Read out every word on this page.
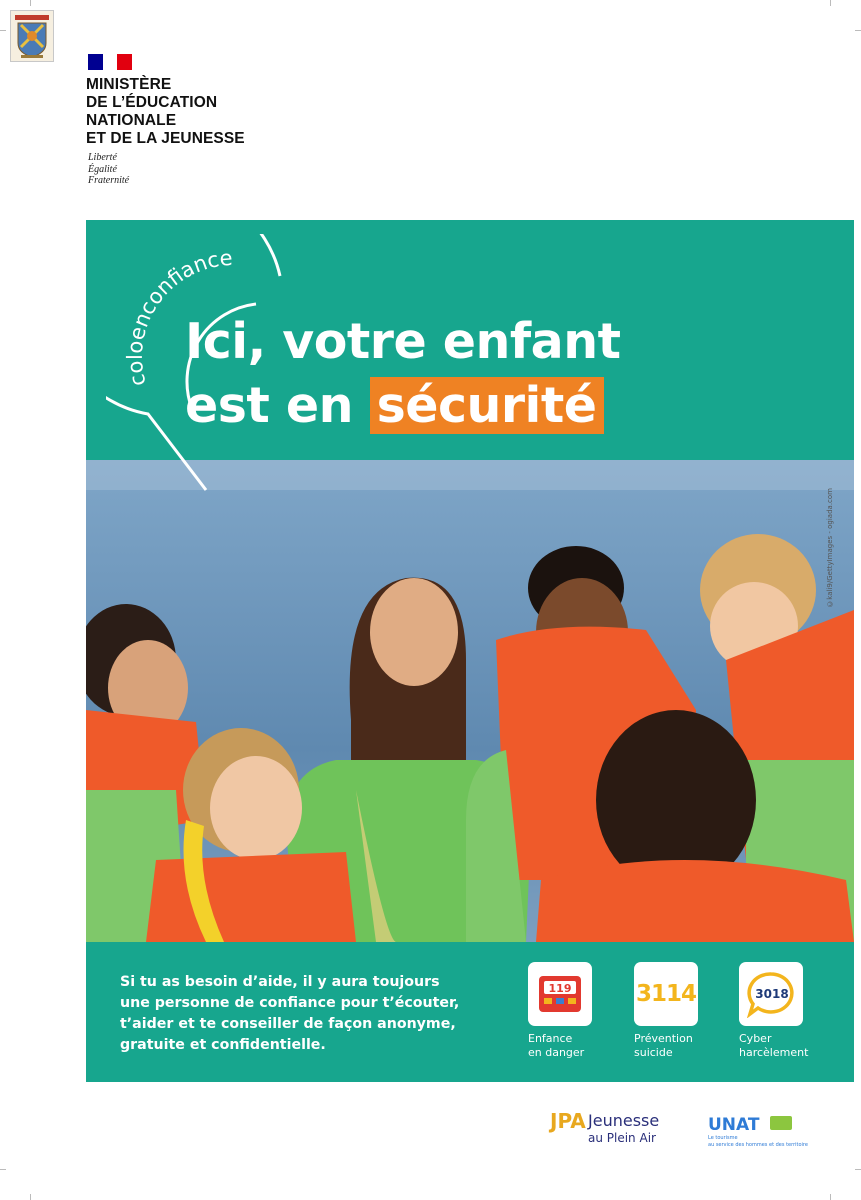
MINISTÈRE
DE L’ÉDUCATION
NATIONALE
ET DE LA JEUNESSE
Liberté
Égalité
Fraternité
coloenconfiance
Ici, votre enfant
est en sécurité
©kali9/GettyImages - ogiada.com
Si tu as besoin d’aide, il y aura toujours
une personne de confiance pour t’écouter,
t’aider et te conseiller de façon anonyme,
gratuite et confidentielle.
119
Enfance
en danger
3114
Prévention
suicide
3018
Cyber
harcèlement
JPA Jeunesse
au Plein Air
UNAT
Le tourisme
au service des hommes et des territoires
